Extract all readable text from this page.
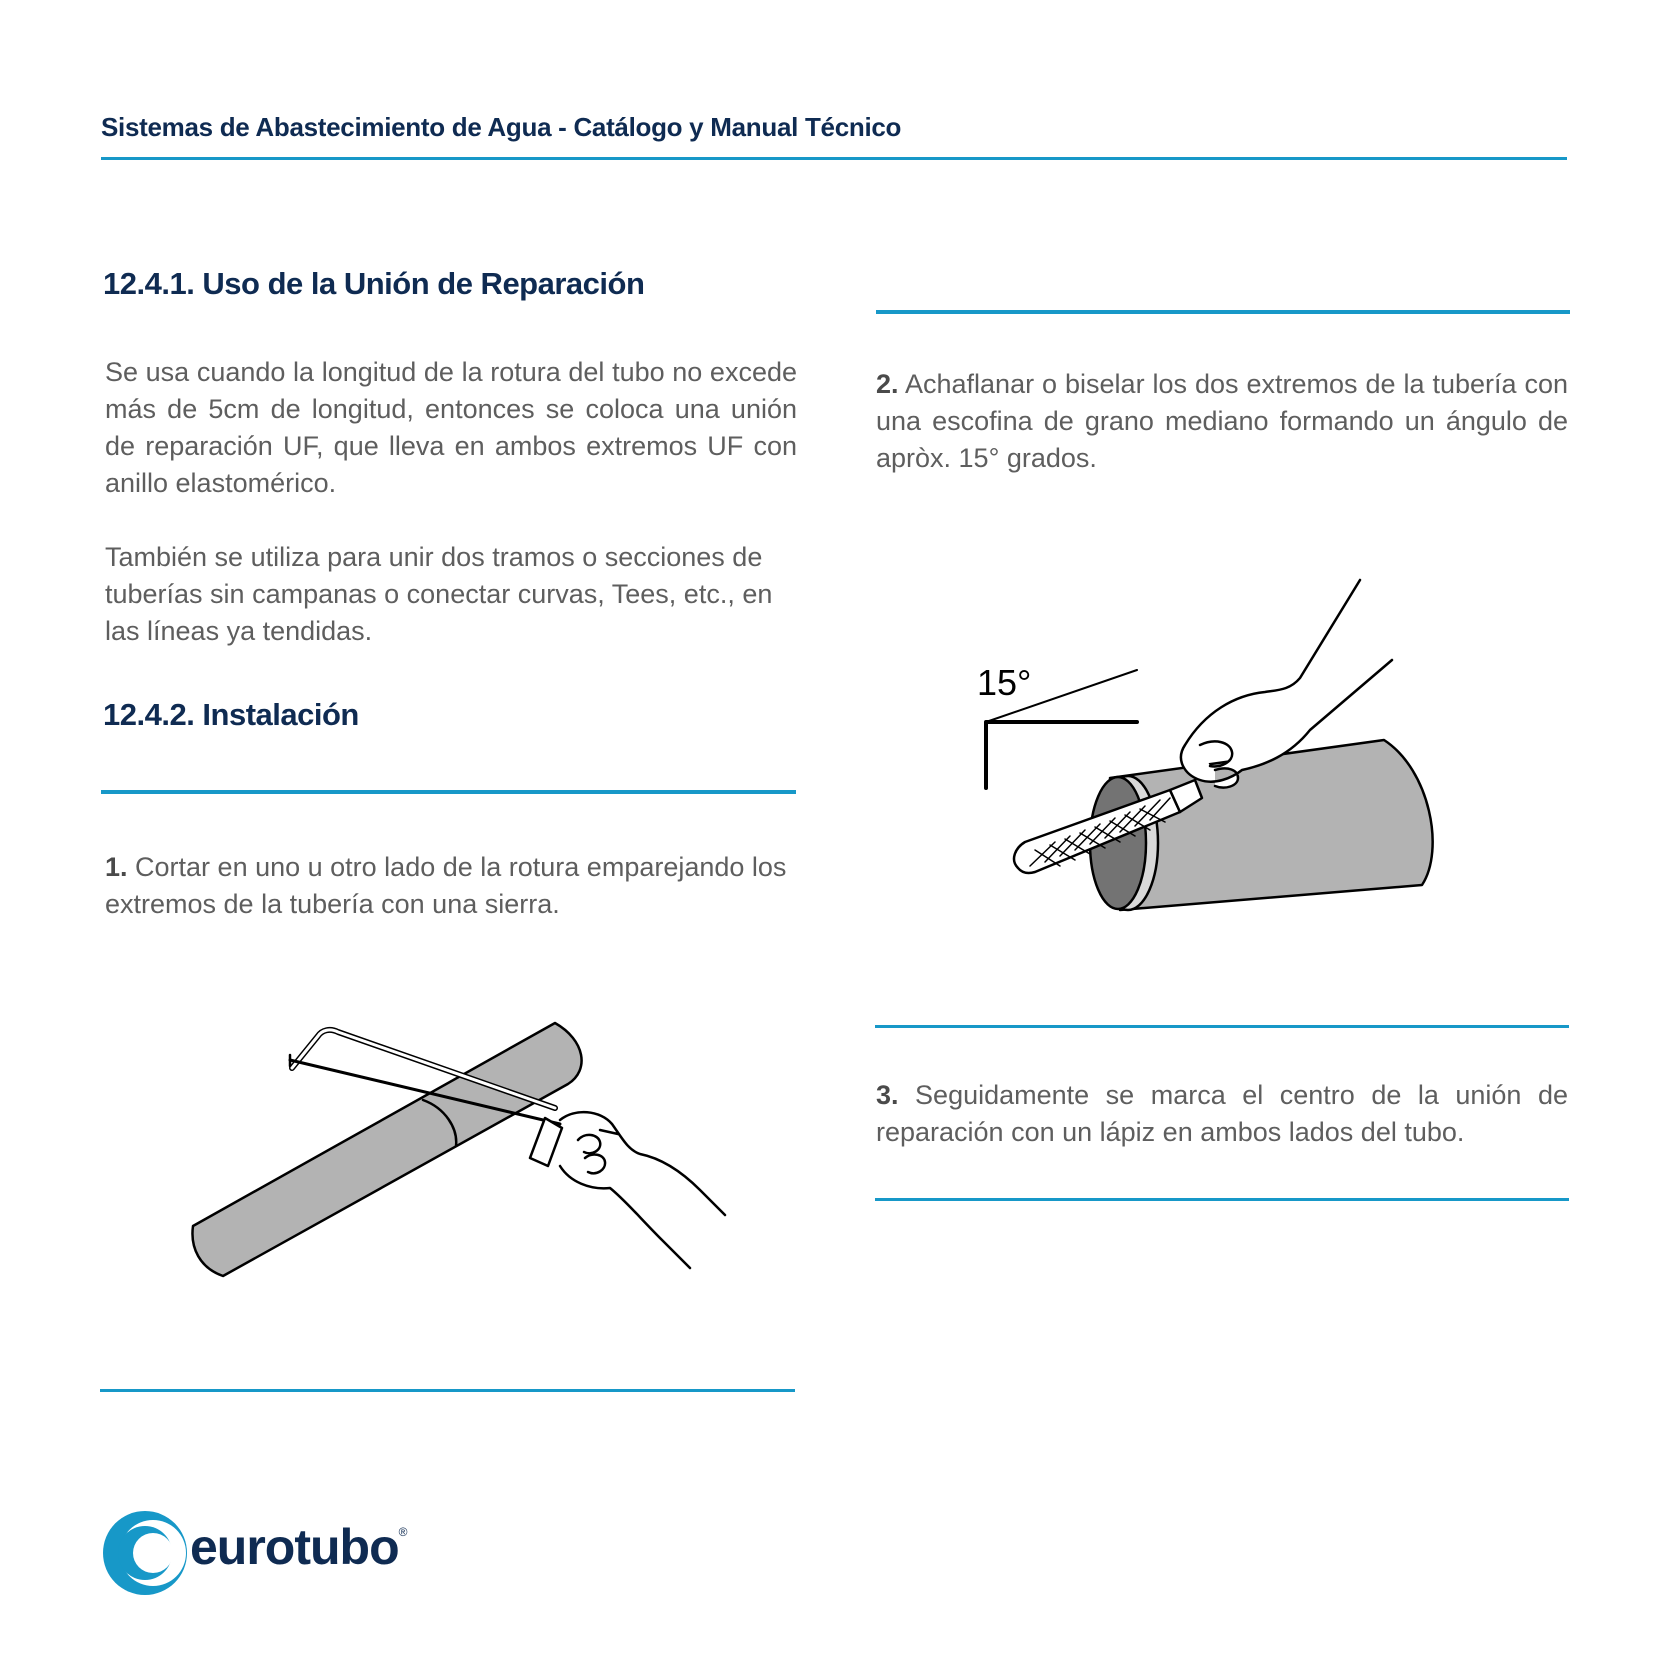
Sistemas de Abastecimiento de Agua - Catálogo y Manual Técnico
12.4.1. Uso de la Unión de Reparación
Se usa cuando la longitud de la rotura del tubo no excede más de 5cm de longitud, entonces se coloca una unión de reparación UF, que lleva en ambos extremos UF con anillo elastomérico.
También se utiliza para unir dos tramos o secciones de tuberías sin campanas o conectar curvas, Tees, etc., en las líneas ya tendidas.
12.4.2. Instalación
1. Cortar en uno u otro lado de la rotura emparejando los extremos de la tubería con una sierra.
2. Achaflanar o biselar los dos extremos de la tubería con una escofina de grano mediano formando un ángulo de apròx. 15° grados.
15°
3. Seguidamente se marca el centro de la unión de reparación con un lápiz en ambos lados del tubo.
eurotubo®
